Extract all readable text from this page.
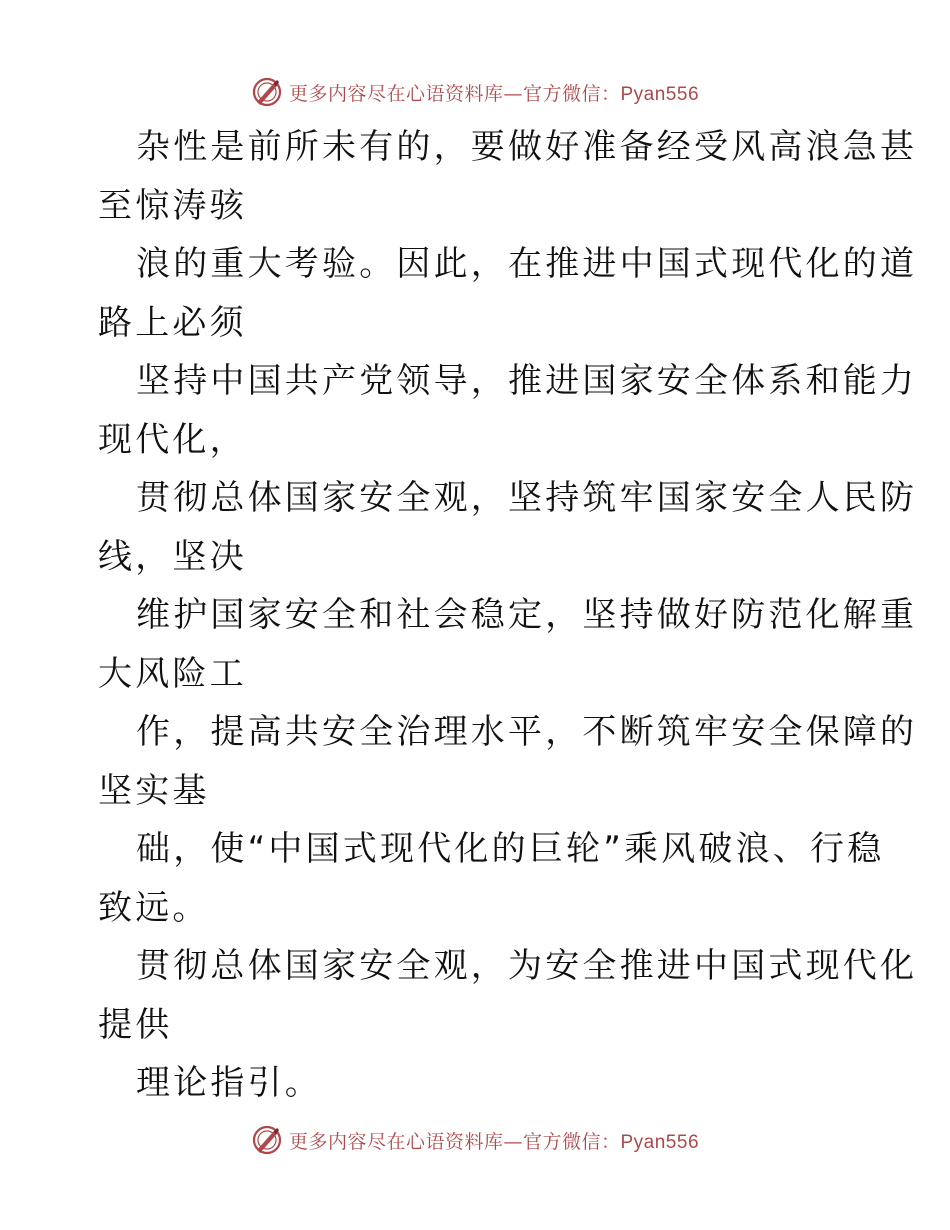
更多内容尽在心语资料库—官方微信：Pyan556
杂性是前所未有的，要做好准备经受风高浪急甚
至惊涛骇
浪的重大考验。因此，在推进中国式现代化的道
路上必须
坚持中国共产党领导，推进国家安全体系和能力
现代化，
贯彻总体国家安全观，坚持筑牢国家安全人民防
线，坚决
维护国家安全和社会稳定，坚持做好防范化解重
大风险工
作，提高共安全治理水平，不断筑牢安全保障的
坚实基
础，使“中国式现代化的巨轮”乘风破浪、行稳
致远。
贯彻总体国家安全观，为安全推进中国式现代化
提供
理论指引。
更多内容尽在心语资料库—官方微信：Pyan556
